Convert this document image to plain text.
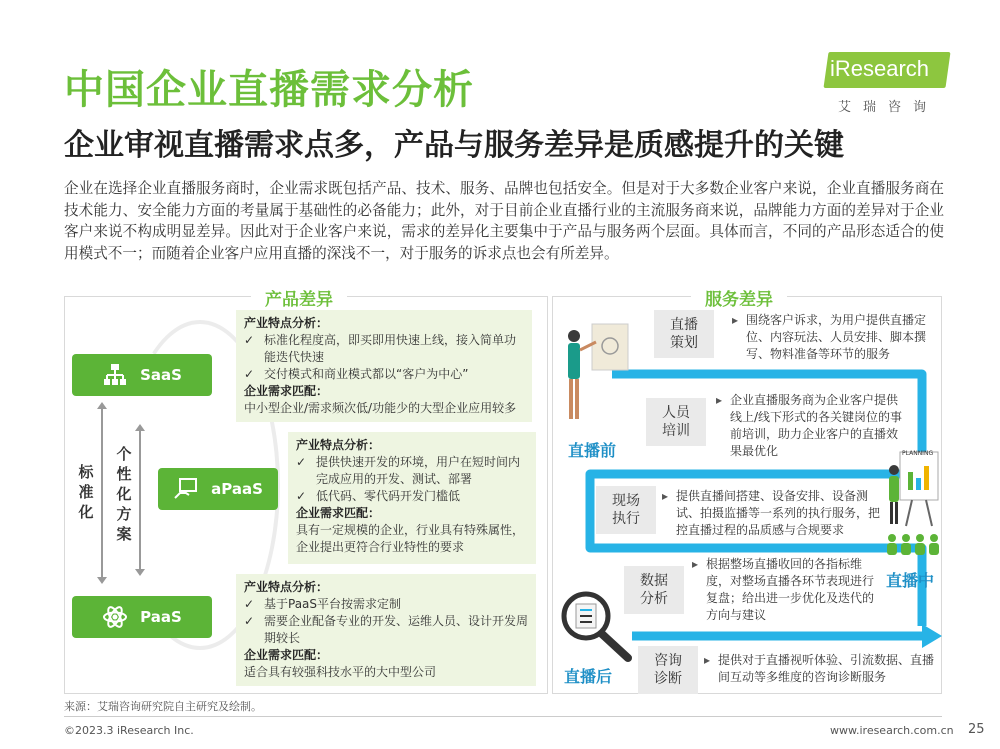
中国企业直播需求分析
企业审视直播需求点多，产品与服务差异是质感提升的关键
iResearch
艾瑞咨询
企业在选择企业直播服务商时，企业需求既包括产品、技术、服务、品牌也包括安全。但是对于大多数企业客户来说，企业直播服务商在技术能力、安全能力方面的考量属于基础性的必备能力；此外，对于目前企业直播行业的主流服务商来说，品牌能力方面的差异对于企业客户来说不构成明显差异。因此对于企业客户来说，需求的差异化主要集中于产品与服务两个层面。具体而言，不同的产品形态适合的使用模式不一；而随着企业客户应用直播的深浅不一，对于服务的诉求点也会有所差异。
产品差异
标
准
化
个
性
化
方
案
SaaS
aPaaS
PaaS
产业特点分析：
✓ 标准化程度高，即买即用快速上线，接入简单功能迭代快速
✓ 交付模式和商业模式都以“客户为中心”
企业需求匹配：
中小型企业/需求频次低/功能少的大型企业应用较多
产业特点分析：
✓ 提供快速开发的环境，用户在短时间内完成应用的开发、测试、部署
✓ 低代码、零代码开发门槛低
企业需求匹配：
具有一定规模的企业，行业具有特殊属性，企业提出更符合行业特性的要求
产业特点分析：
✓ 基于PaaS平台按需求定制
✓ 需要企业配备专业的开发、运维人员、设计开发周期较长
企业需求匹配：
适合具有较强科技水平的大中型公司
服务差异
PLANNING
直播前
直播中
直播后
直播
策划
▸ 围绕客户诉求，为用户提供直播定位、内容玩法、人员安排、脚本撰写、物料准备等环节的服务
人员
培训
▸ 企业直播服务商为企业客户提供线上/线下形式的各关键岗位的事前培训，助力企业客户的直播效果最优化
现场
执行
▸ 提供直播间搭建、设备安排、设备测试、拍摄监播等一系列的执行服务，把控直播过程的品质感与合规要求
数据
分析
▸ 根据整场直播收回的各指标维度，对整场直播各环节表现进行复盘；给出进一步优化及迭代的方向与建议
咨询
诊断
▸ 提供对于直播视听体验、引流数据、直播间互动等多维度的咨询诊断服务
来源：艾瑞咨询研究院自主研究及绘制。
©2023.3 iResearch Inc.	www.iresearch.com.cn 25
